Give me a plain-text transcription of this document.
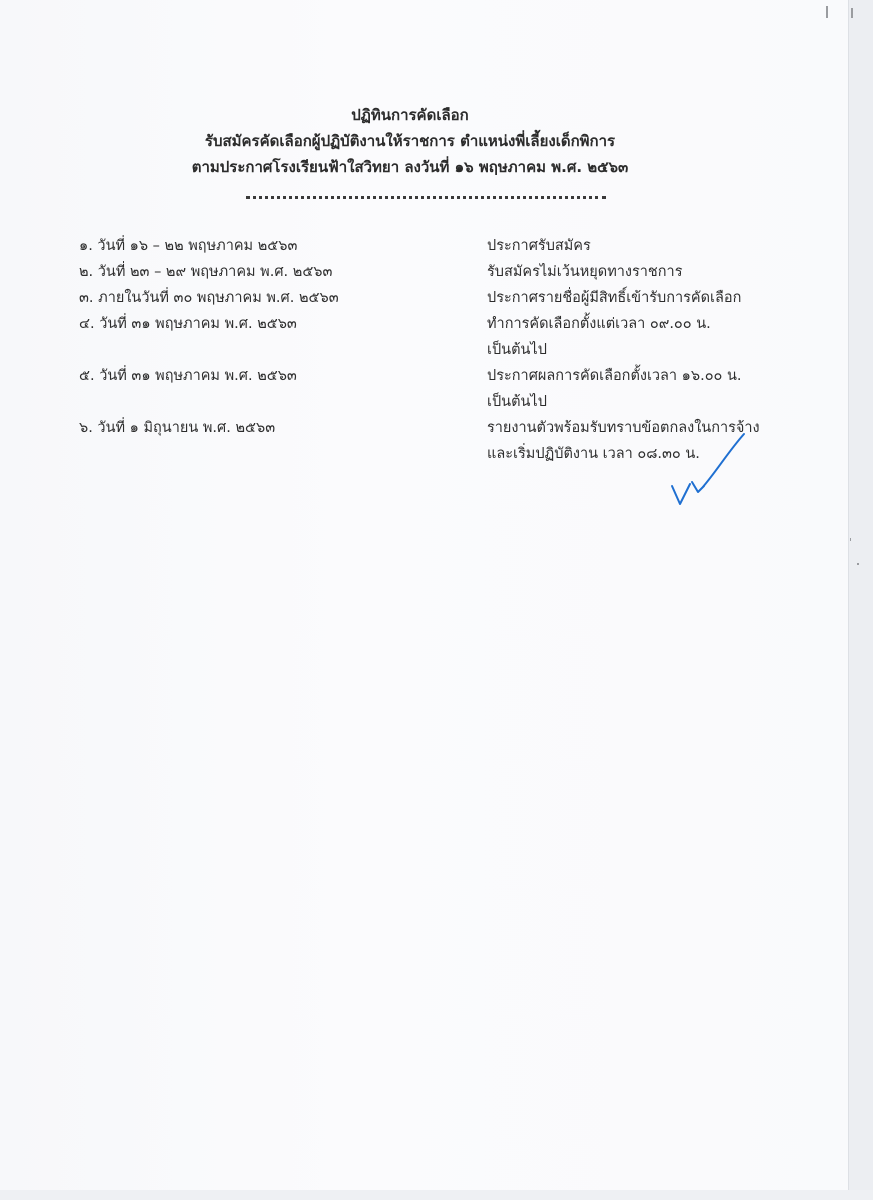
ปฏิทินการคัดเลือก
รับสมัครคัดเลือกผู้ปฏิบัติงานให้ราชการ ตำแหน่งพี่เลี้ยงเด็กพิการ
ตามประกาศโรงเรียนฟ้าใสวิทยา ลงวันที่ ๑๖ พฤษภาคม พ.ศ. ๒๕๖๓
๑. วันที่ ๑๖ – ๒๒ พฤษภาคม ๒๕๖๓	ประกาศรับสมัคร
๒. วันที่ ๒๓ – ๒๙ พฤษภาคม พ.ศ. ๒๕๖๓	รับสมัครไม่เว้นหยุดทางราชการ
๓. ภายในวันที่ ๓๐ พฤษภาคม พ.ศ. ๒๕๖๓	ประกาศรายชื่อผู้มีสิทธิ์เข้ารับการคัดเลือก
๔. วันที่ ๓๑ พฤษภาคม พ.ศ. ๒๕๖๓	ทำการคัดเลือกตั้งแต่เวลา ๐๙.๐๐ น.
เป็นต้นไป
๕. วันที่ ๓๑ พฤษภาคม พ.ศ. ๒๕๖๓	ประกาศผลการคัดเลือกตั้งเวลา ๑๖.๐๐ น.
เป็นต้นไป
๖. วันที่ ๑ มิถุนายน พ.ศ. ๒๕๖๓	รายงานตัวพร้อมรับทราบข้อตกลงในการจ้าง
และเริ่มปฏิบัติงาน เวลา ๐๘.๓๐ น.
